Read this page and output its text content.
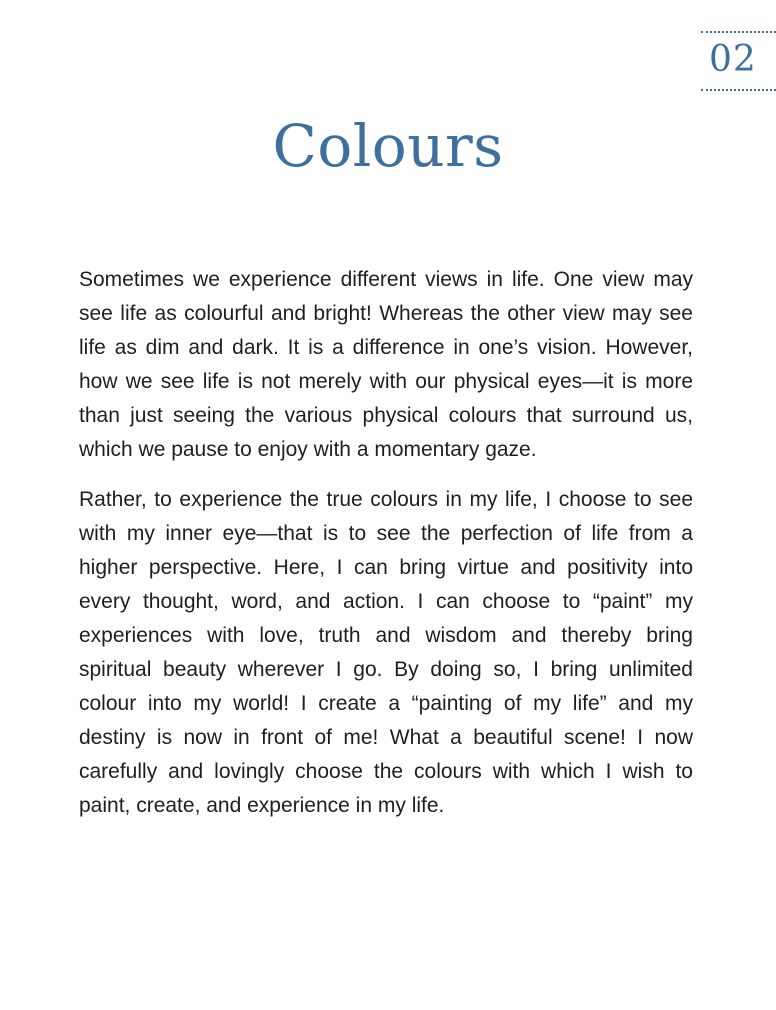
02
Colours

Sometimes we experience different views in life. One view may see life as colourful and bright! Whereas the other view may see life as dim and dark. It is a difference in one’s vision. However, how we see life is not merely with our physical eyes—it is more than just seeing the various physical colours that surround us, which we pause to enjoy with a momentary gaze.

Rather, to experience the true colours in my life, I choose to see with my inner eye—that is to see the perfection of life from a higher perspective. Here, I can bring virtue and positivity into every thought, word, and action. I can choose to “paint” my experiences with love, truth and wisdom and thereby bring spiritual beauty wherever I go. By doing so, I bring unlimited colour into my world! I create a “painting of my life” and my destiny is now in front of me! What a beautiful scene! I now carefully and lovingly choose the colours with which I wish to paint, create, and experience in my life.
